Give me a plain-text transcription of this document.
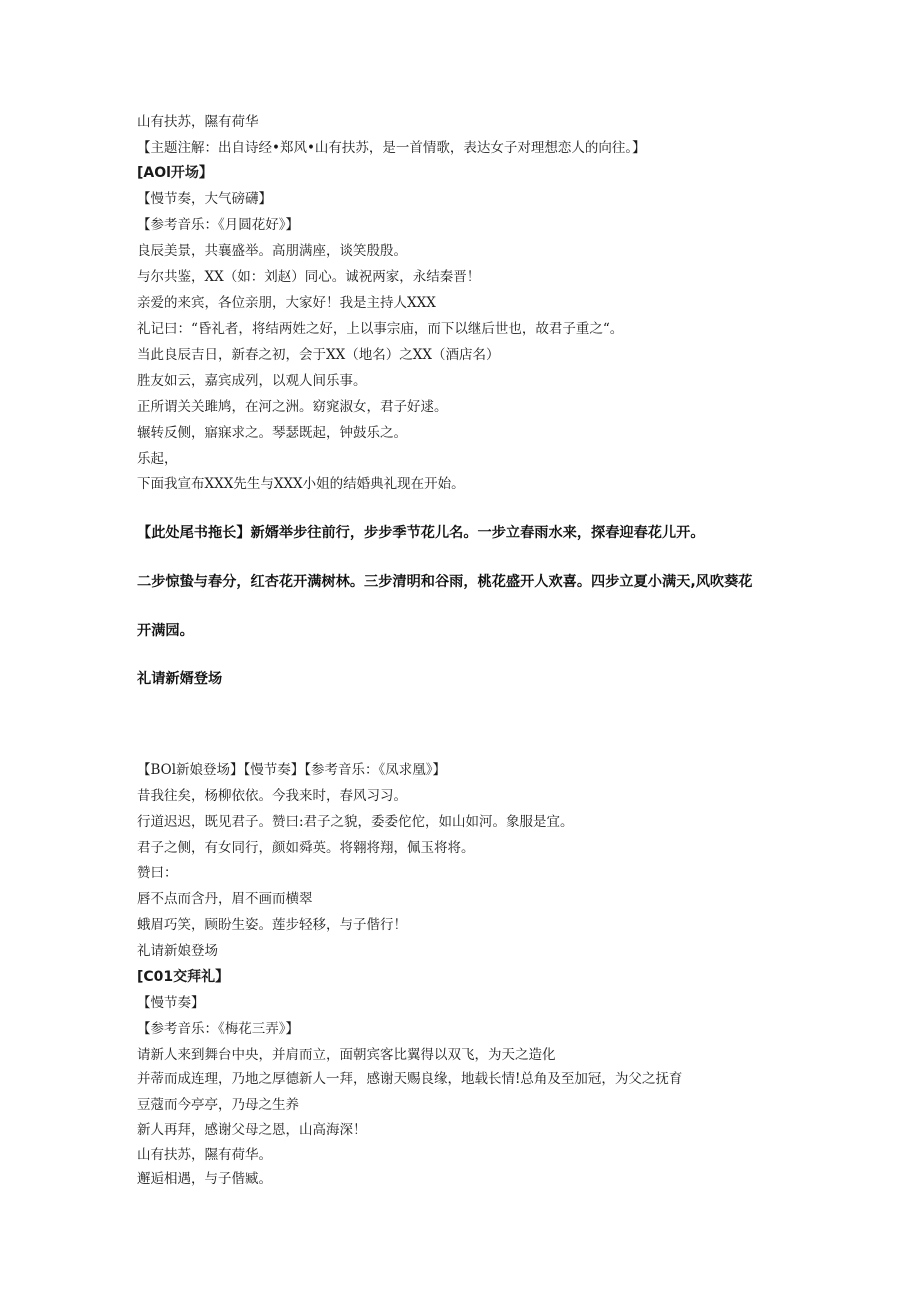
山有扶苏，隰有荷华
【主题注解：出自诗经•郑风•山有扶苏，是一首情歌，表达女子对理想恋人的向往。】
[AOl开场】
【慢节奏，大气磅礴】
【参考音乐：《月圆花好》】
良辰美景，共襄盛举。高朋满座，谈笑殷殷。
与尔共鉴，XX（如：刘赵）同心。诚祝两家，永结秦晋！
亲爱的来宾，各位亲朋，大家好！我是主持人XXX
礼记曰：“昏礼者，将结两姓之好，上以事宗庙，而下以继后世也，故君子重之“。
当此良辰吉日，新春之初，会于XX（地名）之XX（酒店名）
胜友如云，嘉宾成列，以观人间乐事。
正所谓关关雎鸠，在河之洲。窈窕淑女，君子好逑。
辗转反侧，寤寐求之。琴瑟既起，钟鼓乐之。
乐起，
下面我宣布XXX先生与XXX小姐的结婚典礼现在开始。
【此处尾书拖长】新婿举步往前行，步步季节花儿名。一步立春雨水来，探春迎春花儿开。
二步惊蛰与春分，红杏花开满树林。三步清明和谷雨，桃花盛开人欢喜。四步立夏小满天,风吹葵花
开满园。
礼请新婿登场
【BOl新娘登场】【慢节奏】【参考音乐：《凤求凰》】
昔我往矣，杨柳依依。今我来时，春风习习。
行道迟迟，既见君子。赞曰:君子之貌，委委佗佗，如山如河。象服是宜。
君子之侧，有女同行，颜如舜英。将翱将翔，佩玉将将。
赞曰：
唇不点而含丹，眉不画而横翠
蛾眉巧笑，顾盼生姿。莲步轻移，与子偕行！
礼请新娘登场
[C01交拜礼】
【慢节奏】
【参考音乐：《梅花三弄》】
请新人来到舞台中央，并肩而立，面朝宾客比翼得以双飞，为天之造化
并蒂而成连理，乃地之厚德新人一拜，感谢天赐良缘，地载长情!总角及至加冠，为父之抚育
豆蔻而今亭亭，乃母之生养
新人再拜，感谢父母之恩，山高海深！
山有扶苏，隰有荷华。
邂逅相遇，与子偕臧。
